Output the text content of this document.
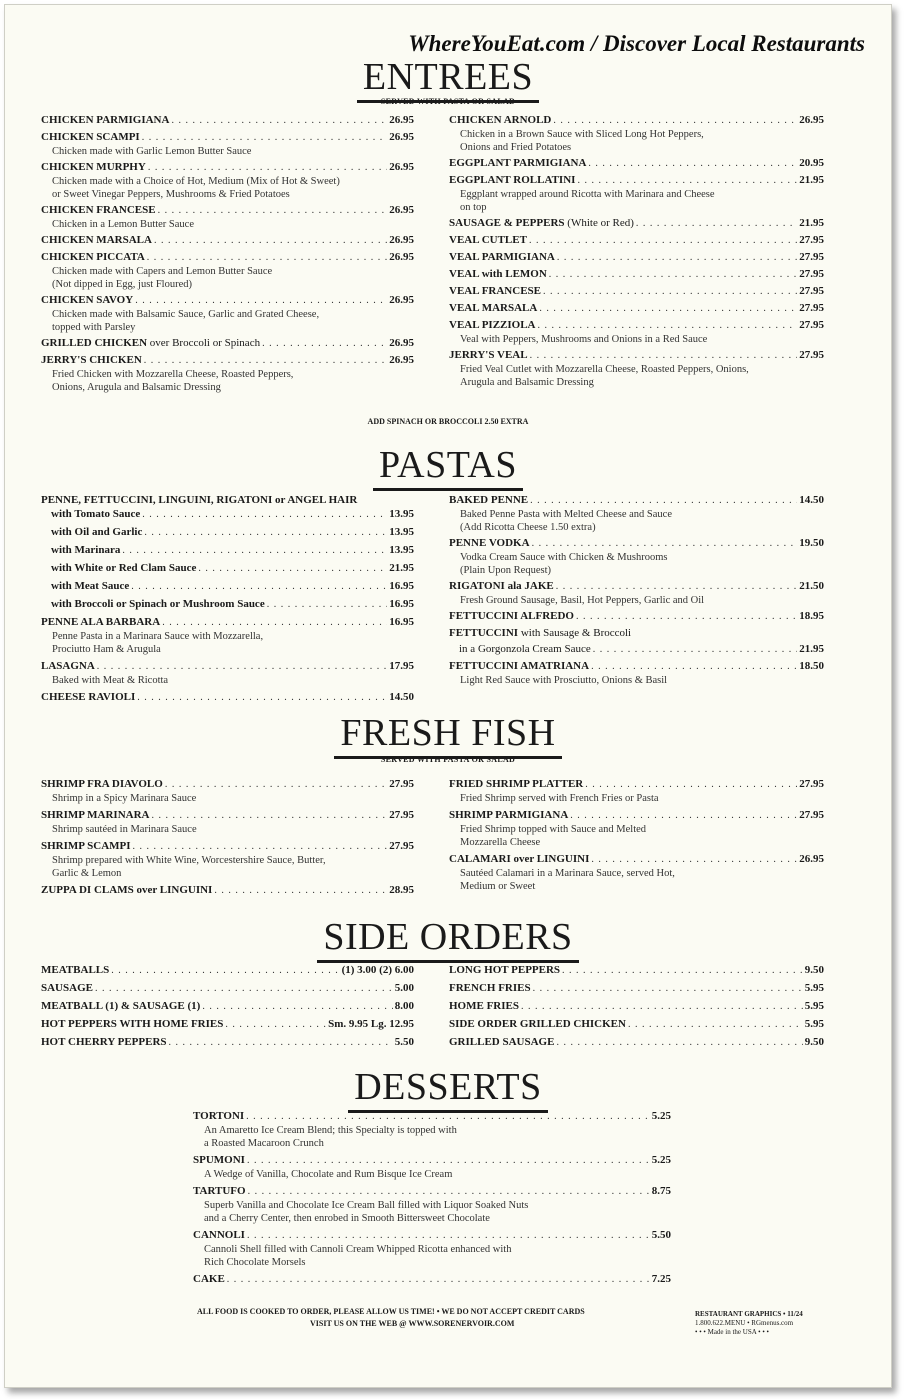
WhereYouEat.com / Discover Local Restaurants
ENTREES
SERVED WITH PASTA OR SALAD
CHICKEN PARMIGIANA . . .	26.95
CHICKEN SCAMPI . . .	26.95
Chicken made with Garlic Lemon Butter Sauce
CHICKEN MURPHY . . .	26.95
Chicken made with a Choice of Hot, Medium (Mix of Hot & Sweet)
or Sweet Vinegar Peppers, Mushrooms & Fried Potatoes
CHICKEN FRANCESE . . .	26.95
Chicken in a Lemon Butter Sauce
CHICKEN MARSALA . . .	26.95
CHICKEN PICCATA . . .	26.95
Chicken made with Capers and Lemon Butter Sauce
(Not dipped in Egg, just Floured)
CHICKEN SAVOY . . .	26.95
Chicken made with Balsamic Sauce, Garlic and Grated Cheese,
topped with Parsley
GRILLED CHICKEN over Broccoli or Spinach . . .	26.95
JERRY'S CHICKEN . . .	26.95
Fried Chicken with Mozzarella Cheese, Roasted Peppers,
Onions, Arugula and Balsamic Dressing
CHICKEN ARNOLD . . .	26.95
Chicken in a Brown Sauce with Sliced Long Hot Peppers,
Onions and Fried Potatoes
EGGPLANT PARMIGIANA . . .	20.95
EGGPLANT ROLLATINI . . .	21.95
Eggplant wrapped around Ricotta with Marinara and Cheese
on top
SAUSAGE & PEPPERS (White or Red) . . .	21.95
VEAL CUTLET . . .	27.95
VEAL PARMIGIANA . . .	27.95
VEAL with LEMON . . .	27.95
VEAL FRANCESE . . .	27.95
VEAL MARSALA . . .	27.95
VEAL PIZZIOLA . . .	27.95
Veal with Peppers, Mushrooms and Onions in a Red Sauce
JERRY'S VEAL . . .	27.95
Fried Veal Cutlet with Mozzarella Cheese, Roasted Peppers, Onions,
Arugula and Balsamic Dressing
ADD SPINACH OR BROCCOLI 2.50 EXTRA
PASTAS
PENNE, FETTUCCINI, LINGUINI, RIGATONI or ANGEL HAIR
with Tomato Sauce . . .	13.95
with Oil and Garlic . . .	13.95
with Marinara . . .	13.95
with White or Red Clam Sauce . . .	21.95
with Meat Sauce . . .	16.95
with Broccoli or Spinach or Mushroom Sauce . . .	16.95
PENNE ALA BARBARA . . .	16.95
Penne Pasta in a Marinara Sauce with Mozzarella,
Prociutto Ham & Arugula
LASAGNA . . .	17.95
Baked with Meat & Ricotta
CHEESE RAVIOLI . . .	14.50
BAKED PENNE . . .	14.50
Baked Penne Pasta with Melted Cheese and Sauce
(Add Ricotta Cheese 1.50 extra)
PENNE VODKA . . .	19.50
Vodka Cream Sauce with Chicken & Mushrooms
(Plain Upon Request)
RIGATONI ala JAKE . . .	21.50
Fresh Ground Sausage, Basil, Hot Peppers, Garlic and Oil
FETTUCCINI ALFREDO . . .	18.95
FETTUCCINI with Sausage & Broccoli
in a Gorgonzola Cream Sauce . . .	21.95
FETTUCCINI AMATRIANA . . .	18.50
Light Red Sauce with Prosciutto, Onions & Basil
FRESH FISH
SERVED WITH PASTA OR SALAD
SHRIMP FRA DIAVOLO . . .	27.95
Shrimp in a Spicy Marinara Sauce
SHRIMP MARINARA . . .	27.95
Shrimp sautéed in Marinara Sauce
SHRIMP SCAMPI . . .	27.95
Shrimp prepared with White Wine, Worcestershire Sauce, Butter,
Garlic & Lemon
ZUPPA DI CLAMS over LINGUINI . . .	28.95
FRIED SHRIMP PLATTER . . .	27.95
Fried Shrimp served with French Fries or Pasta
SHRIMP PARMIGIANA . . .	27.95
Fried Shrimp topped with Sauce and Melted
Mozzarella Cheese
CALAMARI over LINGUINI . . .	26.95
Sautéed Calamari in a Marinara Sauce, served Hot,
Medium or Sweet
SIDE ORDERS
MEATBALLS . . .	(1) 3.00 (2) 6.00
SAUSAGE . . .	5.00
MEATBALL (1) & SAUSAGE (1) . . .	8.00
HOT PEPPERS WITH HOME FRIES . . .	Sm. 9.95 Lg. 12.95
HOT CHERRY PEPPERS . . .	5.50
LONG HOT PEPPERS . . .	9.50
FRENCH FRIES . . .	5.95
HOME FRIES . . .	5.95
SIDE ORDER GRILLED CHICKEN . . .	5.95
GRILLED SAUSAGE . . .	9.50
DESSERTS
TORTONI . . .	5.25
An Amaretto Ice Cream Blend; this Specialty is topped with
a Roasted Macaroon Crunch
SPUMONI . . .	5.25
A Wedge of Vanilla, Chocolate and Rum Bisque Ice Cream
TARTUFO . . .	8.75
Superb Vanilla and Chocolate Ice Cream Ball filled with Liquor Soaked Nuts
and a Cherry Center, then enrobed in Smooth Bittersweet Chocolate
CANNOLI . . .	5.50
Cannoli Shell filled with Cannoli Cream Whipped Ricotta enhanced with
Rich Chocolate Morsels
CAKE . . .	7.25
ALL FOOD IS COOKED TO ORDER, PLEASE ALLOW US TIME! • WE DO NOT ACCEPT CREDIT CARDS
VISIT US ON THE WEB @ WWW.SORENERVOIR.COM
RESTAURANT GRAPHICS • 11/24
1.800.622.MENU • RGmenus.com
• • • Made in the USA • • •
